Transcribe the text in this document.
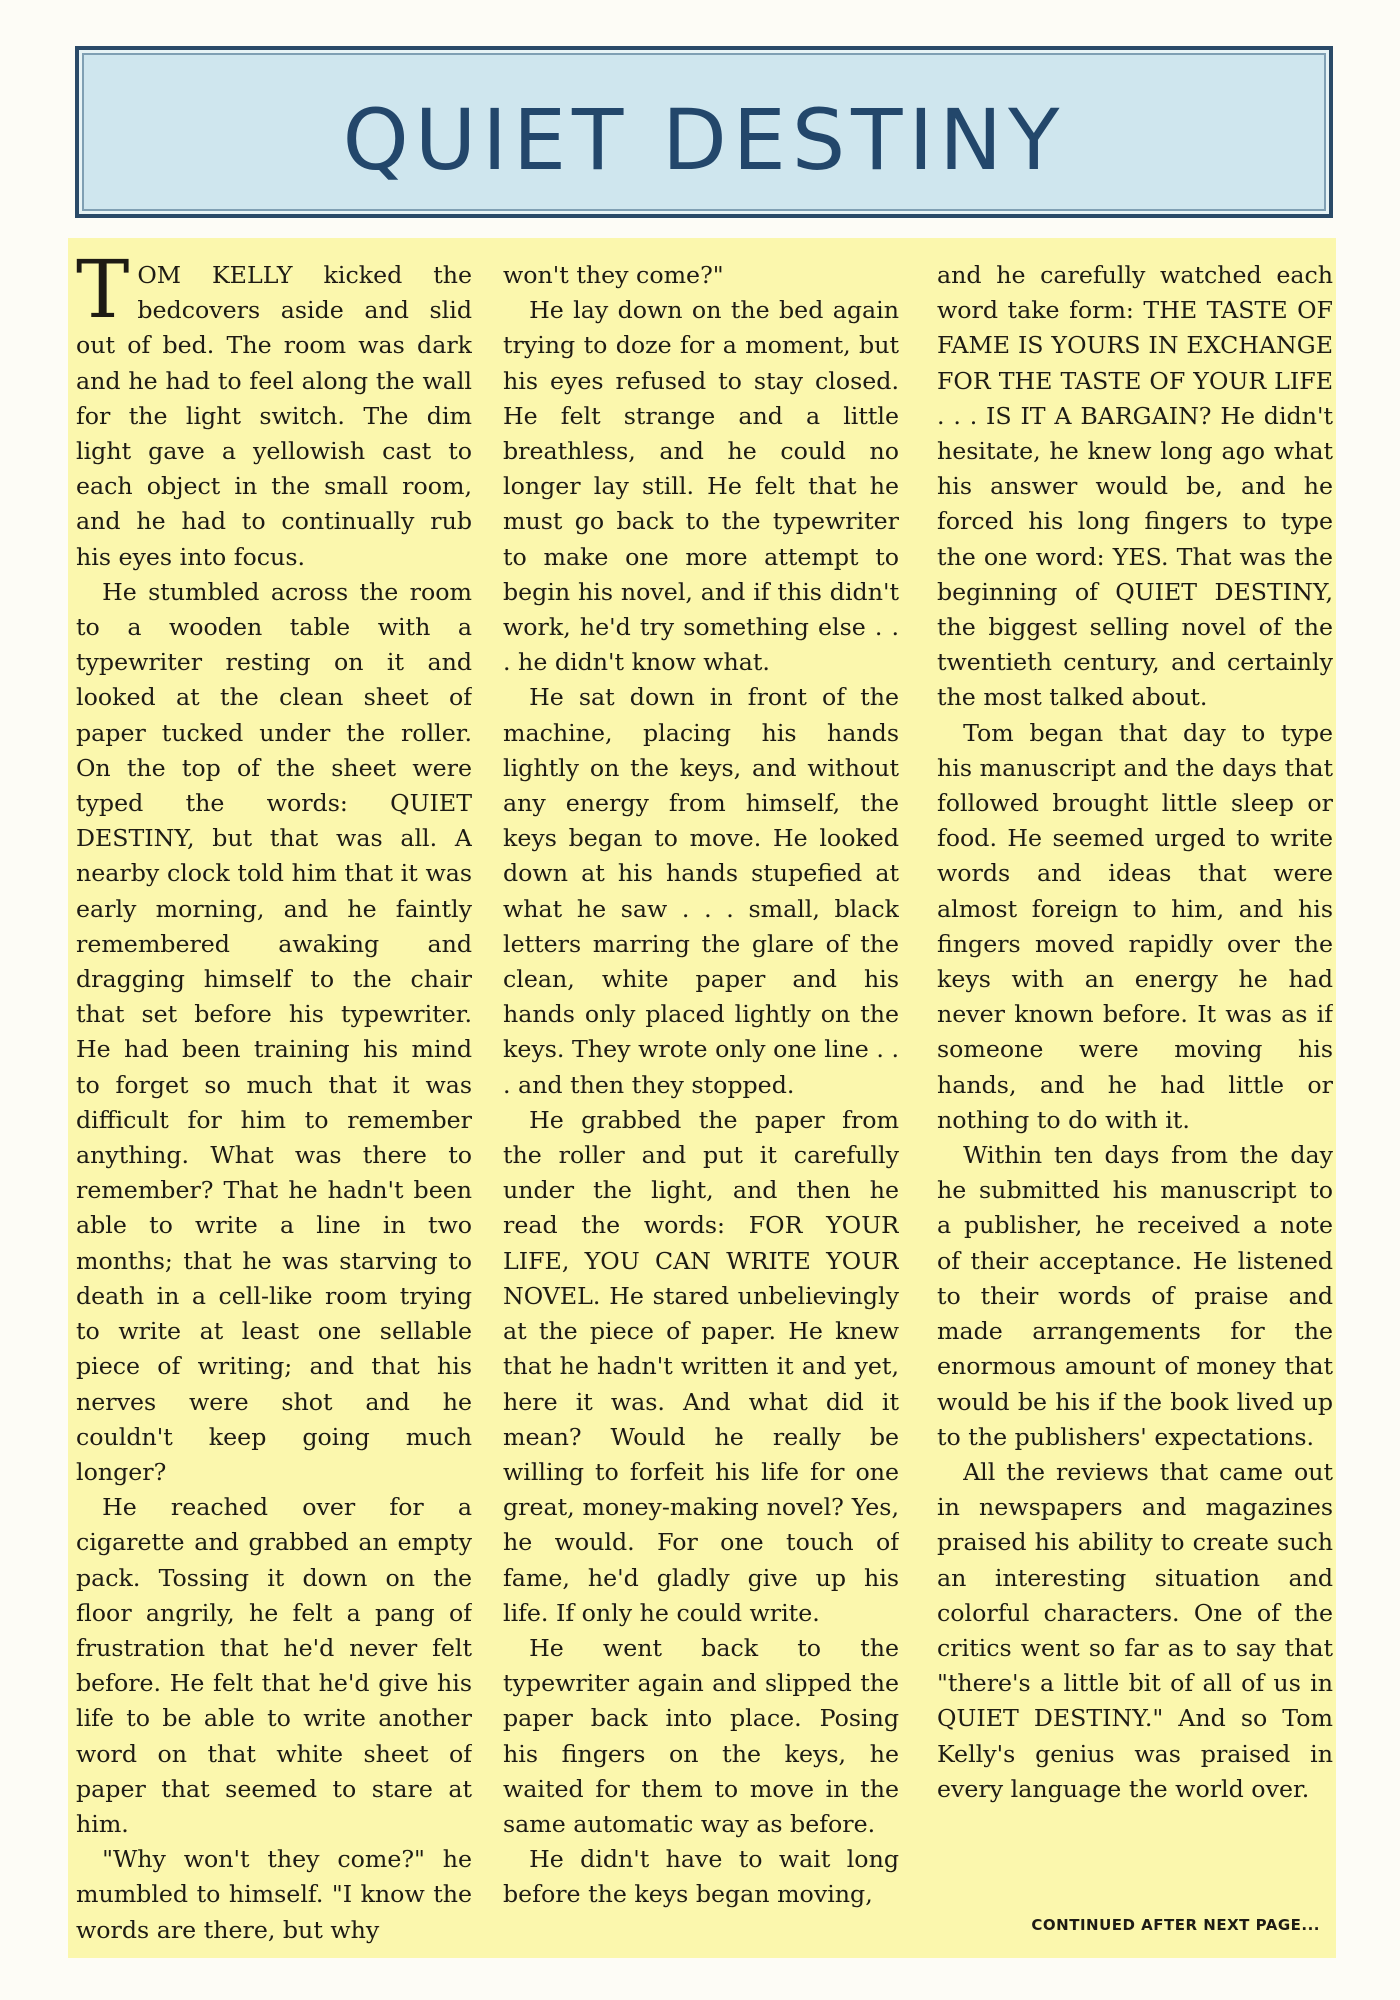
QUIET DESTINY

TOM KELLY kicked the bedcovers aside and slid out of bed. The room was dark and he had to feel along the wall for the light switch. The dim light gave a yellowish cast to each object in the small room, and he had to continually rub his eyes into focus.

He stumbled across the room to a wooden table with a typewriter resting on it and looked at the clean sheet of paper tucked under the roller. On the top of the sheet were typed the words: QUIET DESTINY, but that was all. A nearby clock told him that it was early morning, and he faintly remembered awaking and dragging himself to the chair that set before his typewriter. He had been training his mind to forget so much that it was difficult for him to remember anything. What was there to remember? That he hadn't been able to write a line in two months; that he was starving to death in a cell-like room trying to write at least one sellable piece of writing; and that his nerves were shot and he couldn't keep going much longer?

He reached over for a cigarette and grabbed an empty pack. Tossing it down on the floor angrily, he felt a pang of frustration that he'd never felt before. He felt that he'd give his life to be able to write another word on that white sheet of paper that seemed to stare at him.

"Why won't they come?" he mumbled to himself. "I know the words are there, but why

won't they come?"

He lay down on the bed again trying to doze for a moment, but his eyes refused to stay closed. He felt strange and a little breathless, and he could no longer lay still. He felt that he must go back to the typewriter to make one more attempt to begin his novel, and if this didn't work, he'd try something else . . . he didn't know what.

He sat down in front of the machine, placing his hands lightly on the keys, and without any energy from himself, the keys began to move. He looked down at his hands stupefied at what he saw . . . small, black letters marring the glare of the clean, white paper and his hands only placed lightly on the keys. They wrote only one line . . . and then they stopped.

He grabbed the paper from the roller and put it carefully under the light, and then he read the words: FOR YOUR LIFE, YOU CAN WRITE YOUR NOVEL. He stared unbelievingly at the piece of paper. He knew that he hadn't written it and yet, here it was. And what did it mean? Would he really be willing to forfeit his life for one great, money-making novel? Yes, he would. For one touch of fame, he'd gladly give up his life. If only he could write.

He went back to the typewriter again and slipped the paper back into place. Posing his fingers on the keys, he waited for them to move in the same automatic way as before.

He didn't have to wait long before the keys began moving,

and he carefully watched each word take form: THE TASTE OF FAME IS YOURS IN EXCHANGE FOR THE TASTE OF YOUR LIFE . . . IS IT A BARGAIN? He didn't hesitate, he knew long ago what his answer would be, and he forced his long fingers to type the one word: YES. That was the beginning of QUIET DESTINY, the biggest selling novel of the twentieth century, and certainly the most talked about.

Tom began that day to type his manuscript and the days that followed brought little sleep or food. He seemed urged to write words and ideas that were almost foreign to him, and his fingers moved rapidly over the keys with an energy he had never known before. It was as if someone were moving his hands, and he had little or nothing to do with it.

Within ten days from the day he submitted his manuscript to a publisher, he received a note of their acceptance. He listened to their words of praise and made arrangements for the enormous amount of money that would be his if the book lived up to the publishers' expectations.

All the reviews that came out in newspapers and magazines praised his ability to create such an interesting situation and colorful characters. One of the critics went so far as to say that "there's a little bit of all of us in QUIET DESTINY." And so Tom Kelly's genius was praised in every language the world over.

CONTINUED AFTER NEXT PAGE...
